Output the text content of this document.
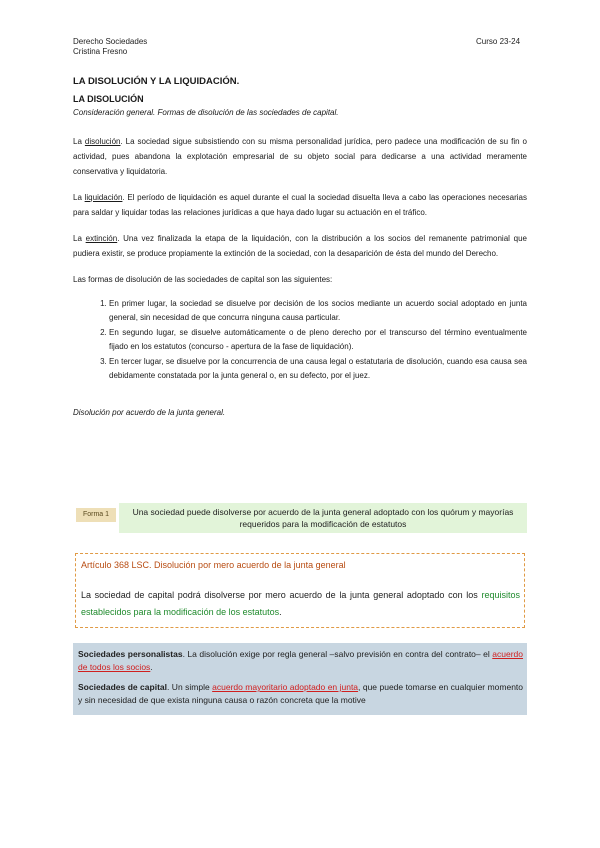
Derecho Sociedades
Cristina Fresno
Curso 23-24
LA DISOLUCIÓN Y LA LIQUIDACIÓN.
LA DISOLUCIÓN
Consideración general. Formas de disolución de las sociedades de capital.

La disolución. La sociedad sigue subsistiendo con su misma personalidad jurídica, pero padece una modificación de su fin o actividad, pues abandona la explotación empresarial de su objeto social para dedicarse a una actividad meramente conservativa y liquidatoria.

La liquidación. El período de liquidación es aquel durante el cual la sociedad disuelta lleva a cabo las operaciones necesarias para saldar y liquidar todas las relaciones jurídicas a que haya dado lugar su actuación en el tráfico.

La extinción. Una vez finalizada la etapa de la liquidación, con la distribución a los socios del remanente patrimonial que pudiera existir, se produce propiamente la extinción de la sociedad, con la desaparición de ésta del mundo del Derecho.

Las formas de disolución de las sociedades de capital son las siguientes:

1. En primer lugar, la sociedad se disuelve por decisión de los socios mediante un acuerdo social adoptado en junta general, sin necesidad de que concurra ninguna causa particular.
2. En segundo lugar, se disuelve automáticamente o de pleno derecho por el transcurso del término eventualmente fijado en los estatutos (concurso - apertura de la fase de liquidación).
3. En tercer lugar, se disuelve por la concurrencia de una causa legal o estatutaria de disolución, cuando esa causa sea debidamente constatada por la junta general o, en su defecto, por el juez.
Disolución por acuerdo de la junta general.
Forma 1	Una sociedad puede disolverse por acuerdo de la junta general adoptado con los quórum y mayorías requeridos para la modificación de estatutos
Artículo 368 LSC. Disolución por mero acuerdo de la junta general

La sociedad de capital podrá disolverse por mero acuerdo de la junta general adoptado con los requisitos establecidos para la modificación de los estatutos.

Sociedades personalistas. La disolución exige por regla general –salvo previsión en contra del contrato– el acuerdo de todos los socios.

Sociedades de capital. Un simple acuerdo mayoritario adoptado en junta, que puede tomarse en cualquier momento y sin necesidad de que exista ninguna causa o razón concreta que la motive
